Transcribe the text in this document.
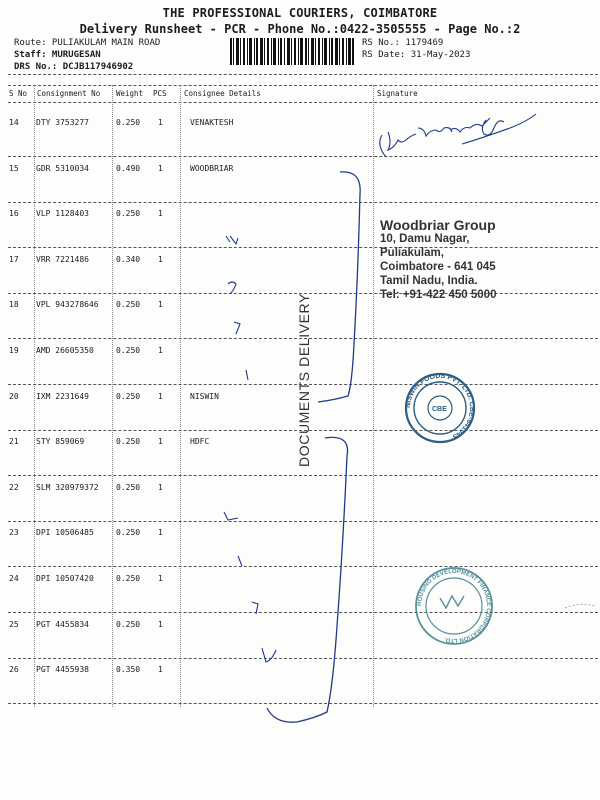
THE PROFESSIONAL COURIERS, COIMBATORE
Delivery Runsheet - PCR - Phone No.:0422-3505555 - Page No.:2
Route: PULIAKULAM MAIN ROAD
Staff: MURUGESAN
DRS No.: DCJB117946902
RS No.: 1179469
RS Date: 31-May-2023
S No Consignment No Weight PCS Consignee Details	Signature
14 DTY 3753277	0.250 1	VENAKTESH
15 GDR 5310034	0.490 1	WOODBRIAR
16 VLP 1128403	0.250 1
17 VRR 7221486	0.340 1
18 VPL 943278646 0.250 1
19 AMD 26605350	0.250 1
20 IXM 2231649	0.250 1	NISWIN
21 STY 859069	0.250 1	HDFC
22 SLM 320979372 0.250 1
23 DPI 10506485	0.250 1
24 DPI 10507420	0.250 1
25 PGT 4455834	0.250 1
26 PGT 4455938	0.350 1
NISWIN FOODS PVT. LTD. CBE-641045
CBE
HOUSING DEVELOPMENT FINANCE CORPORATION LTD.
Woodbriar Group
10, Damu Nagar,
Puliakulam,
Coimbatore - 641 045
Tamil Nadu, India.
Tel: +91-422 450 5000
DOCUMENTS DELIVERY
